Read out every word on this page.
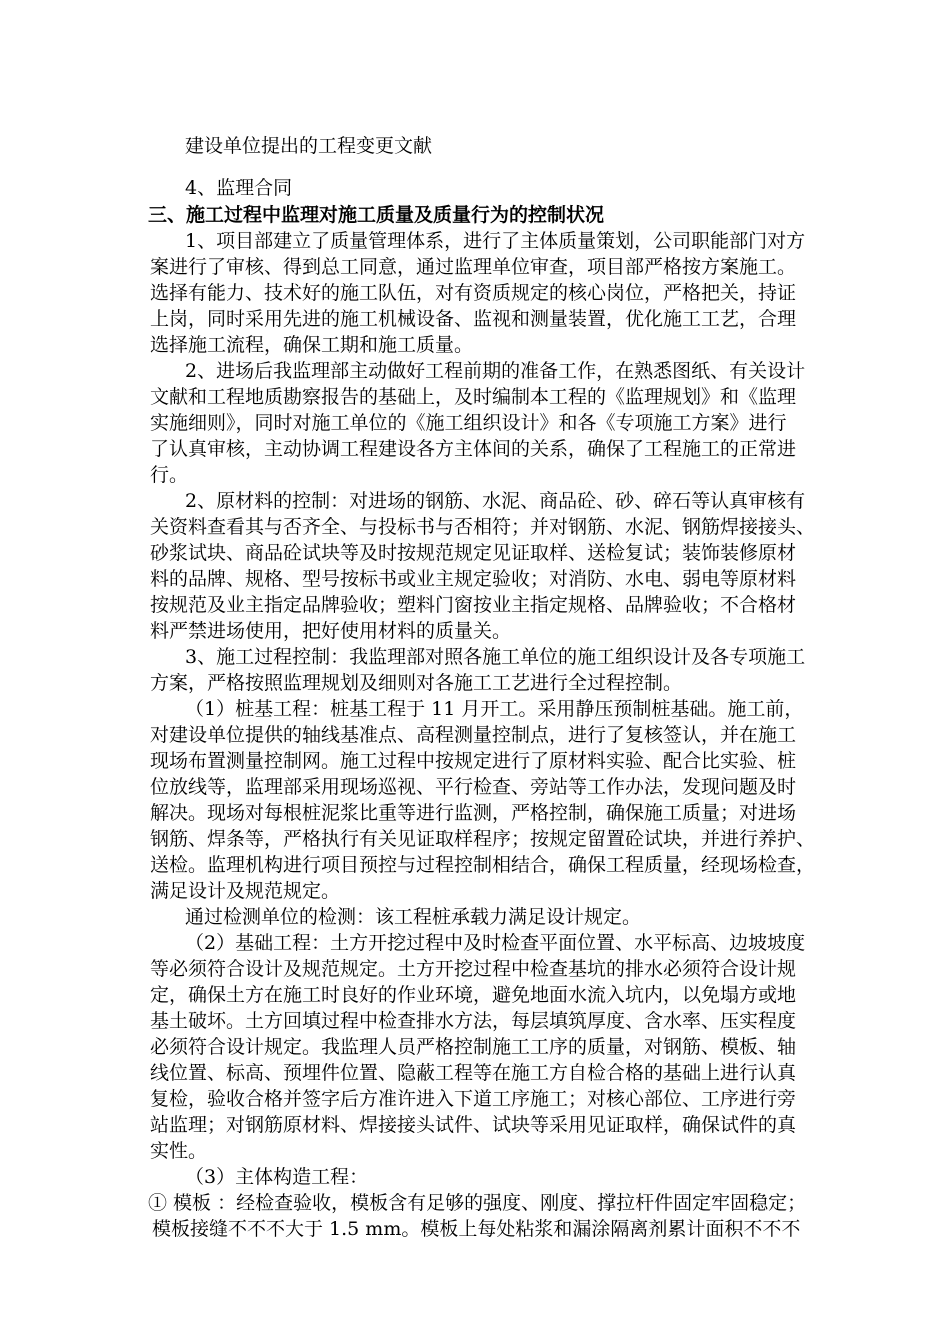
建设单位提出的工程变更文献
4、监理合同
三、施工过程中监理对施工质量及质量行为的控制状况
1、项目部建立了质量管理体系，进行了主体质量策划，公司职能部门对方
案进行了审核、得到总工同意，通过监理单位审查，项目部严格按方案施工。
选择有能力、技术好的施工队伍，对有资质规定的核心岗位，严格把关，持证
上岗，同时采用先进的施工机械设备、监视和测量装置，优化施工工艺，合理
选择施工流程，确保工期和施工质量。
2、进场后我监理部主动做好工程前期的准备工作，在熟悉图纸、有关设计
文献和工程地质勘察报告的基础上，及时编制本工程的《监理规划》和《监理
实施细则》，同时对施工单位的《施工组织设计》和各《专项施工方案》进行
了认真审核，主动协调工程建设各方主体间的关系，确保了工程施工的正常进
行。
2、原材料的控制：对进场的钢筋、水泥、商品砼、砂、碎石等认真审核有
关资料查看其与否齐全、与投标书与否相符；并对钢筋、水泥、钢筋焊接接头、
砂浆试块、商品砼试块等及时按规范规定见证取样、送检复试；装饰装修原材
料的品牌、规格、型号按标书或业主规定验收；对消防、水电、弱电等原材料
按规范及业主指定品牌验收；塑料门窗按业主指定规格、品牌验收；不合格材
料严禁进场使用，把好使用材料的质量关。
3、施工过程控制：我监理部对照各施工单位的施工组织设计及各专项施工
方案，严格按照监理规划及细则对各施工工艺进行全过程控制。
（1）桩基工程：桩基工程于 11 月开工。采用静压预制桩基础。施工前，
对建设单位提供的轴线基准点、高程测量控制点，进行了复核签认，并在施工
现场布置测量控制网。施工过程中按规定进行了原材料实验、配合比实验、桩
位放线等，监理部采用现场巡视、平行检查、旁站等工作办法，发现问题及时
解决。现场对每根桩泥浆比重等进行监测，严格控制，确保施工质量；对进场
钢筋、焊条等，严格执行有关见证取样程序；按规定留置砼试块，并进行养护、
送检。监理机构进行项目预控与过程控制相结合，确保工程质量，经现场检查，
满足设计及规范规定。
通过检测单位的检测：该工程桩承载力满足设计规定。
（2）基础工程：土方开挖过程中及时检查平面位置、水平标高、边坡坡度
等必须符合设计及规范规定。土方开挖过程中检查基坑的排水必须符合设计规
定，确保土方在施工时良好的作业环境，避免地面水流入坑内，以免塌方或地
基土破坏。土方回填过程中检查排水方法，每层填筑厚度、含水率、压实程度
必须符合设计规定。我监理人员严格控制施工工序的质量，对钢筋、模板、轴
线位置、标高、预埋件位置、隐蔽工程等在施工方自检合格的基础上进行认真
复检，验收合格并签字后方准许进入下道工序施工；对核心部位、工序进行旁
站监理；对钢筋原材料、焊接接头试件、试块等采用见证取样，确保试件的真
实性。
（3）主体构造工程：
① 模板 ：经检查验收，模板含有足够的强度、刚度、撑拉杆件固定牢固稳定；
模板接缝不不不大于 1.5 mm。模板上每处粘浆和漏涂隔离剂累计面积不不不
